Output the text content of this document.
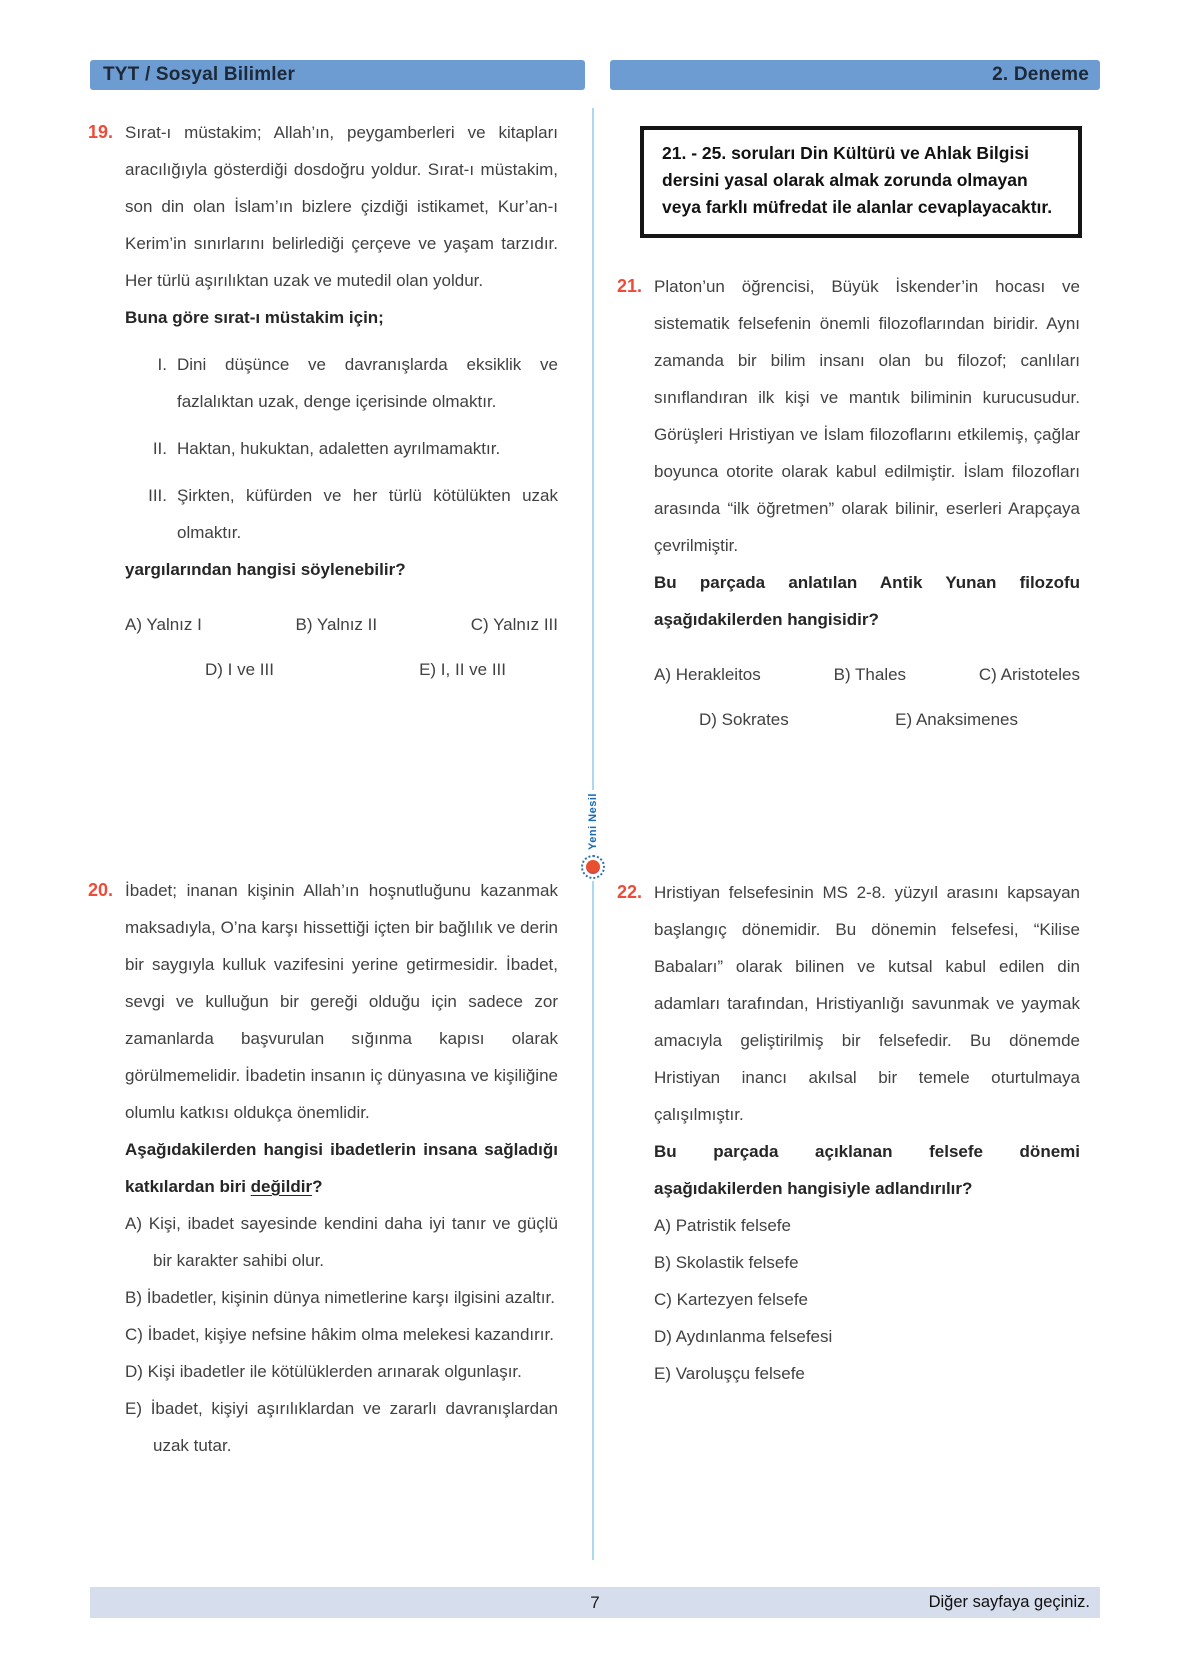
TYT / Sosyal Bilimler	2. Deneme
19. Sırat-ı müstakim; Allah’ın, peygamberleri ve kitapları aracılığıyla gösterdiği dosdoğru yoldur. Sırat-ı müstakim, son din olan İslam’ın bizlere çizdiği istikamet, Kur’an-ı Kerim’in sınırlarını belirlediği çerçeve ve yaşam tarzıdır. Her türlü aşırılıktan uzak ve mutedil olan yoldur.

Buna göre sırat-ı müstakim için;

I. Dini düşünce ve davranışlarda eksiklik ve fazlalıktan uzak, denge içerisinde olmaktır.
II. Haktan, hukuktan, adaletten ayrılmamaktır.
III. Şirkten, küfürden ve her türlü kötülükten uzak olmaktır.

yargılarından hangisi söylenebilir?

A) Yalnız I	B) Yalnız II	C) Yalnız III
D) I ve III	E) I, II ve III
20. İbadet; inanan kişinin Allah’ın hoşnutluğunu kazanmak maksadıyla, O’na karşı hissettiği içten bir bağlılık ve derin bir saygıyla kulluk vazifesini yerine getirmesidir. İbadet, sevgi ve kulluğun bir gereği olduğu için sadece zor zamanlarda başvurulan sığınma kapısı olarak görülmemelidir. İbadetin insanın iç dünyasına ve kişiliğine olumlu katkısı oldukça önemlidir.

Aşağıdakilerden hangisi ibadetlerin insana sağladığı katkılardan biri değildir?

A) Kişi, ibadet sayesinde kendini daha iyi tanır ve güçlü bir karakter sahibi olur.

B) İbadetler, kişinin dünya nimetlerine karşı ilgisini azaltır.

C) İbadet, kişiye nefsine hâkim olma melekesi kazandırır.

D) Kişi ibadetler ile kötülüklerden arınarak olgunlaşır.

E) İbadet, kişiyi aşırılıklardan ve zararlı davranışlardan uzak tutar.

21. - 25. soruları Din Kültürü ve Ahlak Bilgisi dersini yasal olarak almak zorunda olmayan veya farklı müfredat ile alanlar cevaplayacaktır.

21. Platon’un öğrencisi, Büyük İskender’in hocası ve sistematik felsefenin önemli filozoflarından biridir. Aynı zamanda bir bilim insanı olan bu filozof; canlıları sınıflandıran ilk kişi ve mantık biliminin kurucusudur. Görüşleri Hristiyan ve İslam filozoflarını etkilemiş, çağlar boyunca otorite olarak kabul edilmiştir. İslam filozofları arasında “ilk öğretmen” olarak bilinir, eserleri Arapçaya çevrilmiştir.

Bu parçada anlatılan Antik Yunan filozofu aşağıdakilerden hangisidir?

A) Herakleitos	B) Thales	C) Aristoteles
D) Sokrates	E) Anaksimenes
22. Hristiyan felsefesinin MS 2-8. yüzyıl arasını kapsayan başlangıç dönemidir. Bu dönemin felsefesi, “Kilise Babaları” olarak bilinen ve kutsal kabul edilen din adamları tarafından, Hristiyanlığı savunmak ve yaymak amacıyla geliştirilmiş bir felsefedir. Bu dönemde Hristiyan inancı akılsal bir temele oturtulmaya çalışılmıştır.

Bu parçada açıklanan felsefe dönemi aşağıdakilerden hangisiyle adlandırılır?

A) Patristik felsefe

B) Skolastik felsefe

C) Kartezyen felsefe

D) Aydınlanma felsefesi

E) Varoluşçu felsefe

Yeni Nesil
7	Diğer sayfaya geçiniz.
